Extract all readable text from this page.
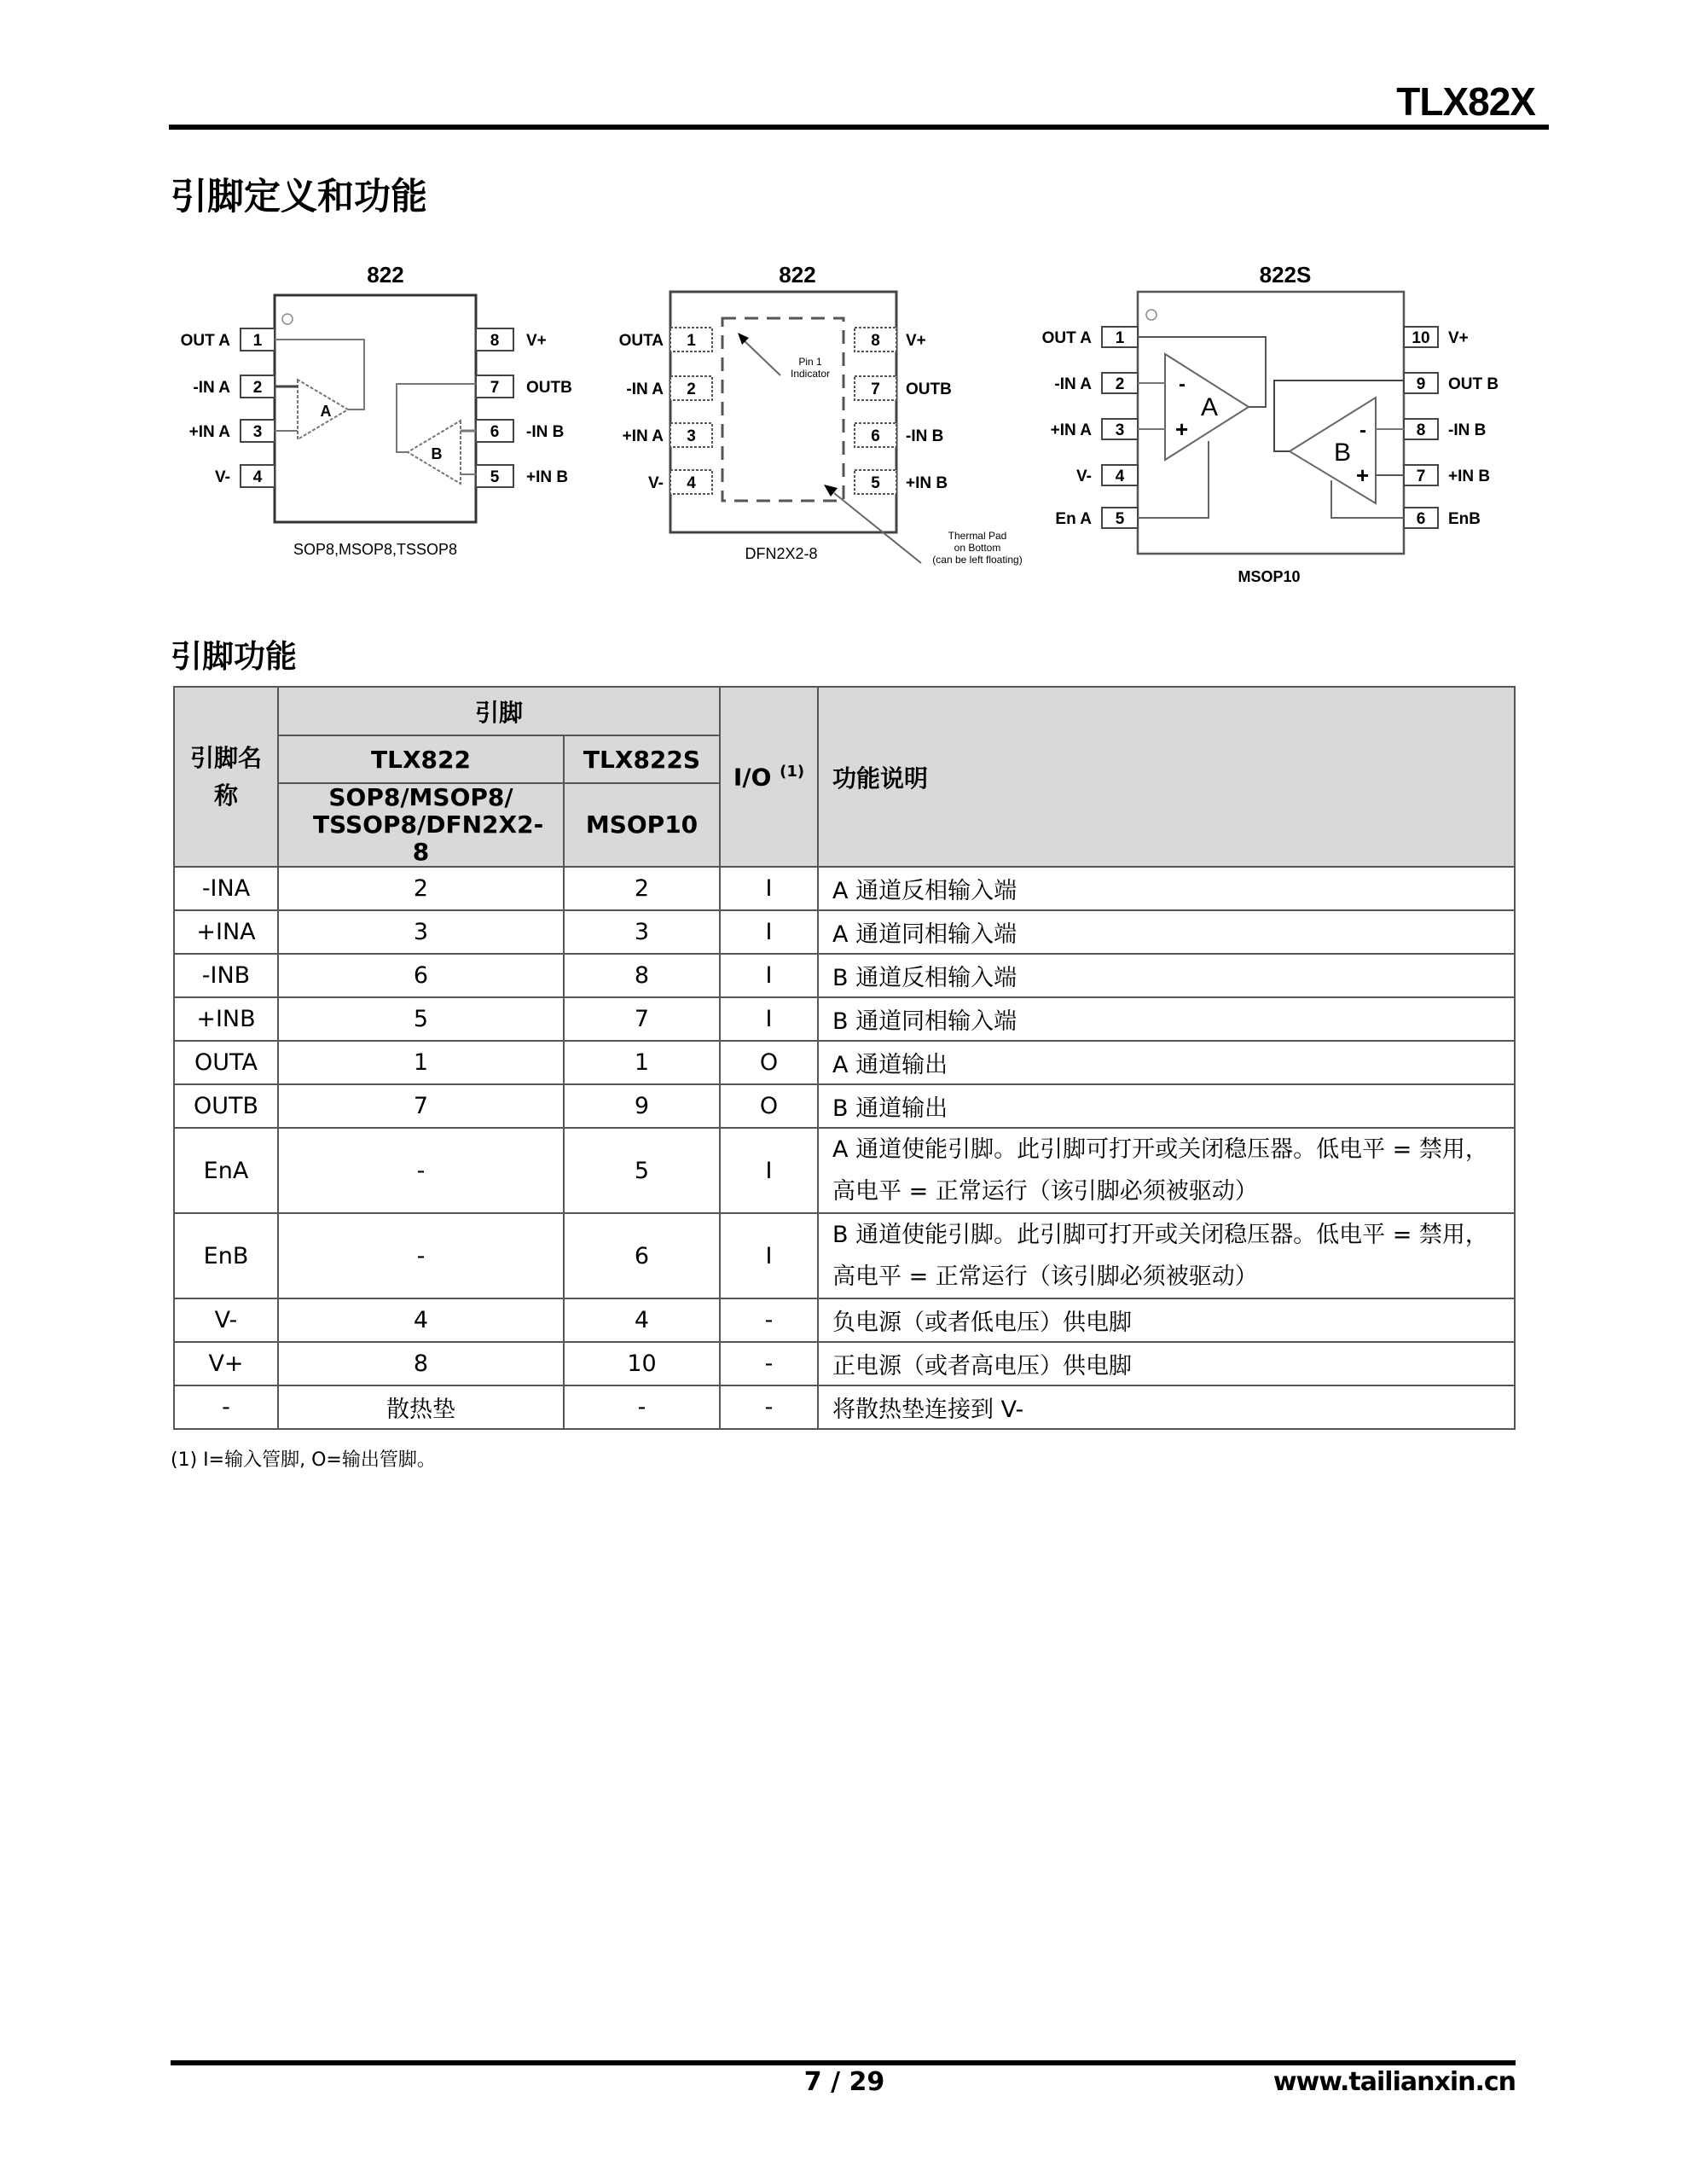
TLX82X
引脚定义和功能
822
1
OUT A
2
-IN A
3
+IN A
4
V-
8 V+
7 OUTB
6 -IN B
5 +IN B
A
B
SOP8,MSOP8,TSSOP8
822
1
OUTA
2
-IN A
3
+IN A
4
V-
8 V+
7 OUTB
6 -IN B
5 +IN B
Pin 1
Indicator
Thermal Pad
on Bottom
(can be left floating)
DFN2X2-8
822S
1
OUT A
2
-IN A
3
+IN A
4
V-
5
En A
10 V+
9 OUT B
8 -IN B
7 +IN B
6 EnB
-
+
A
-
+
B
MSOP10
引脚功能
引脚名称	引脚		I/O $^{(1)}$	功能说明
	TLX822	TLX822S		
	SOP8/MSOP8/ TSSOP8/DFN2X2-8	MSOP10		
-INA	2	2	I	A 通道反相输入端
+INA	3	3	I	A 通道同相输入端
-INB	6	8	I	B 通道反相输入端
+INB	5	7	I	B 通道同相输入端
OUTA	1	1	O	A 通道输出
OUTB	7	9	O	B 通道输出
EnA	-	5	I	A 通道使能引脚。此引脚可打开或关闭稳压器。低电平 = 禁用，高电平 = 正常运行（该引脚必须被驱动）
EnB	-	6	I	B 通道使能引脚。此引脚可打开或关闭稳压器。低电平 = 禁用，高电平 = 正常运行（该引脚必须被驱动）
V-	4	4	-	负电源（或者低电压）供电脚
V+	8	10	-	正电源（或者高电压）供电脚
-	散热垫	-	-	将散热垫连接到 V-
(1) I=输入管脚, O=输出管脚。
7 / 29	www.tailianxin.cn
